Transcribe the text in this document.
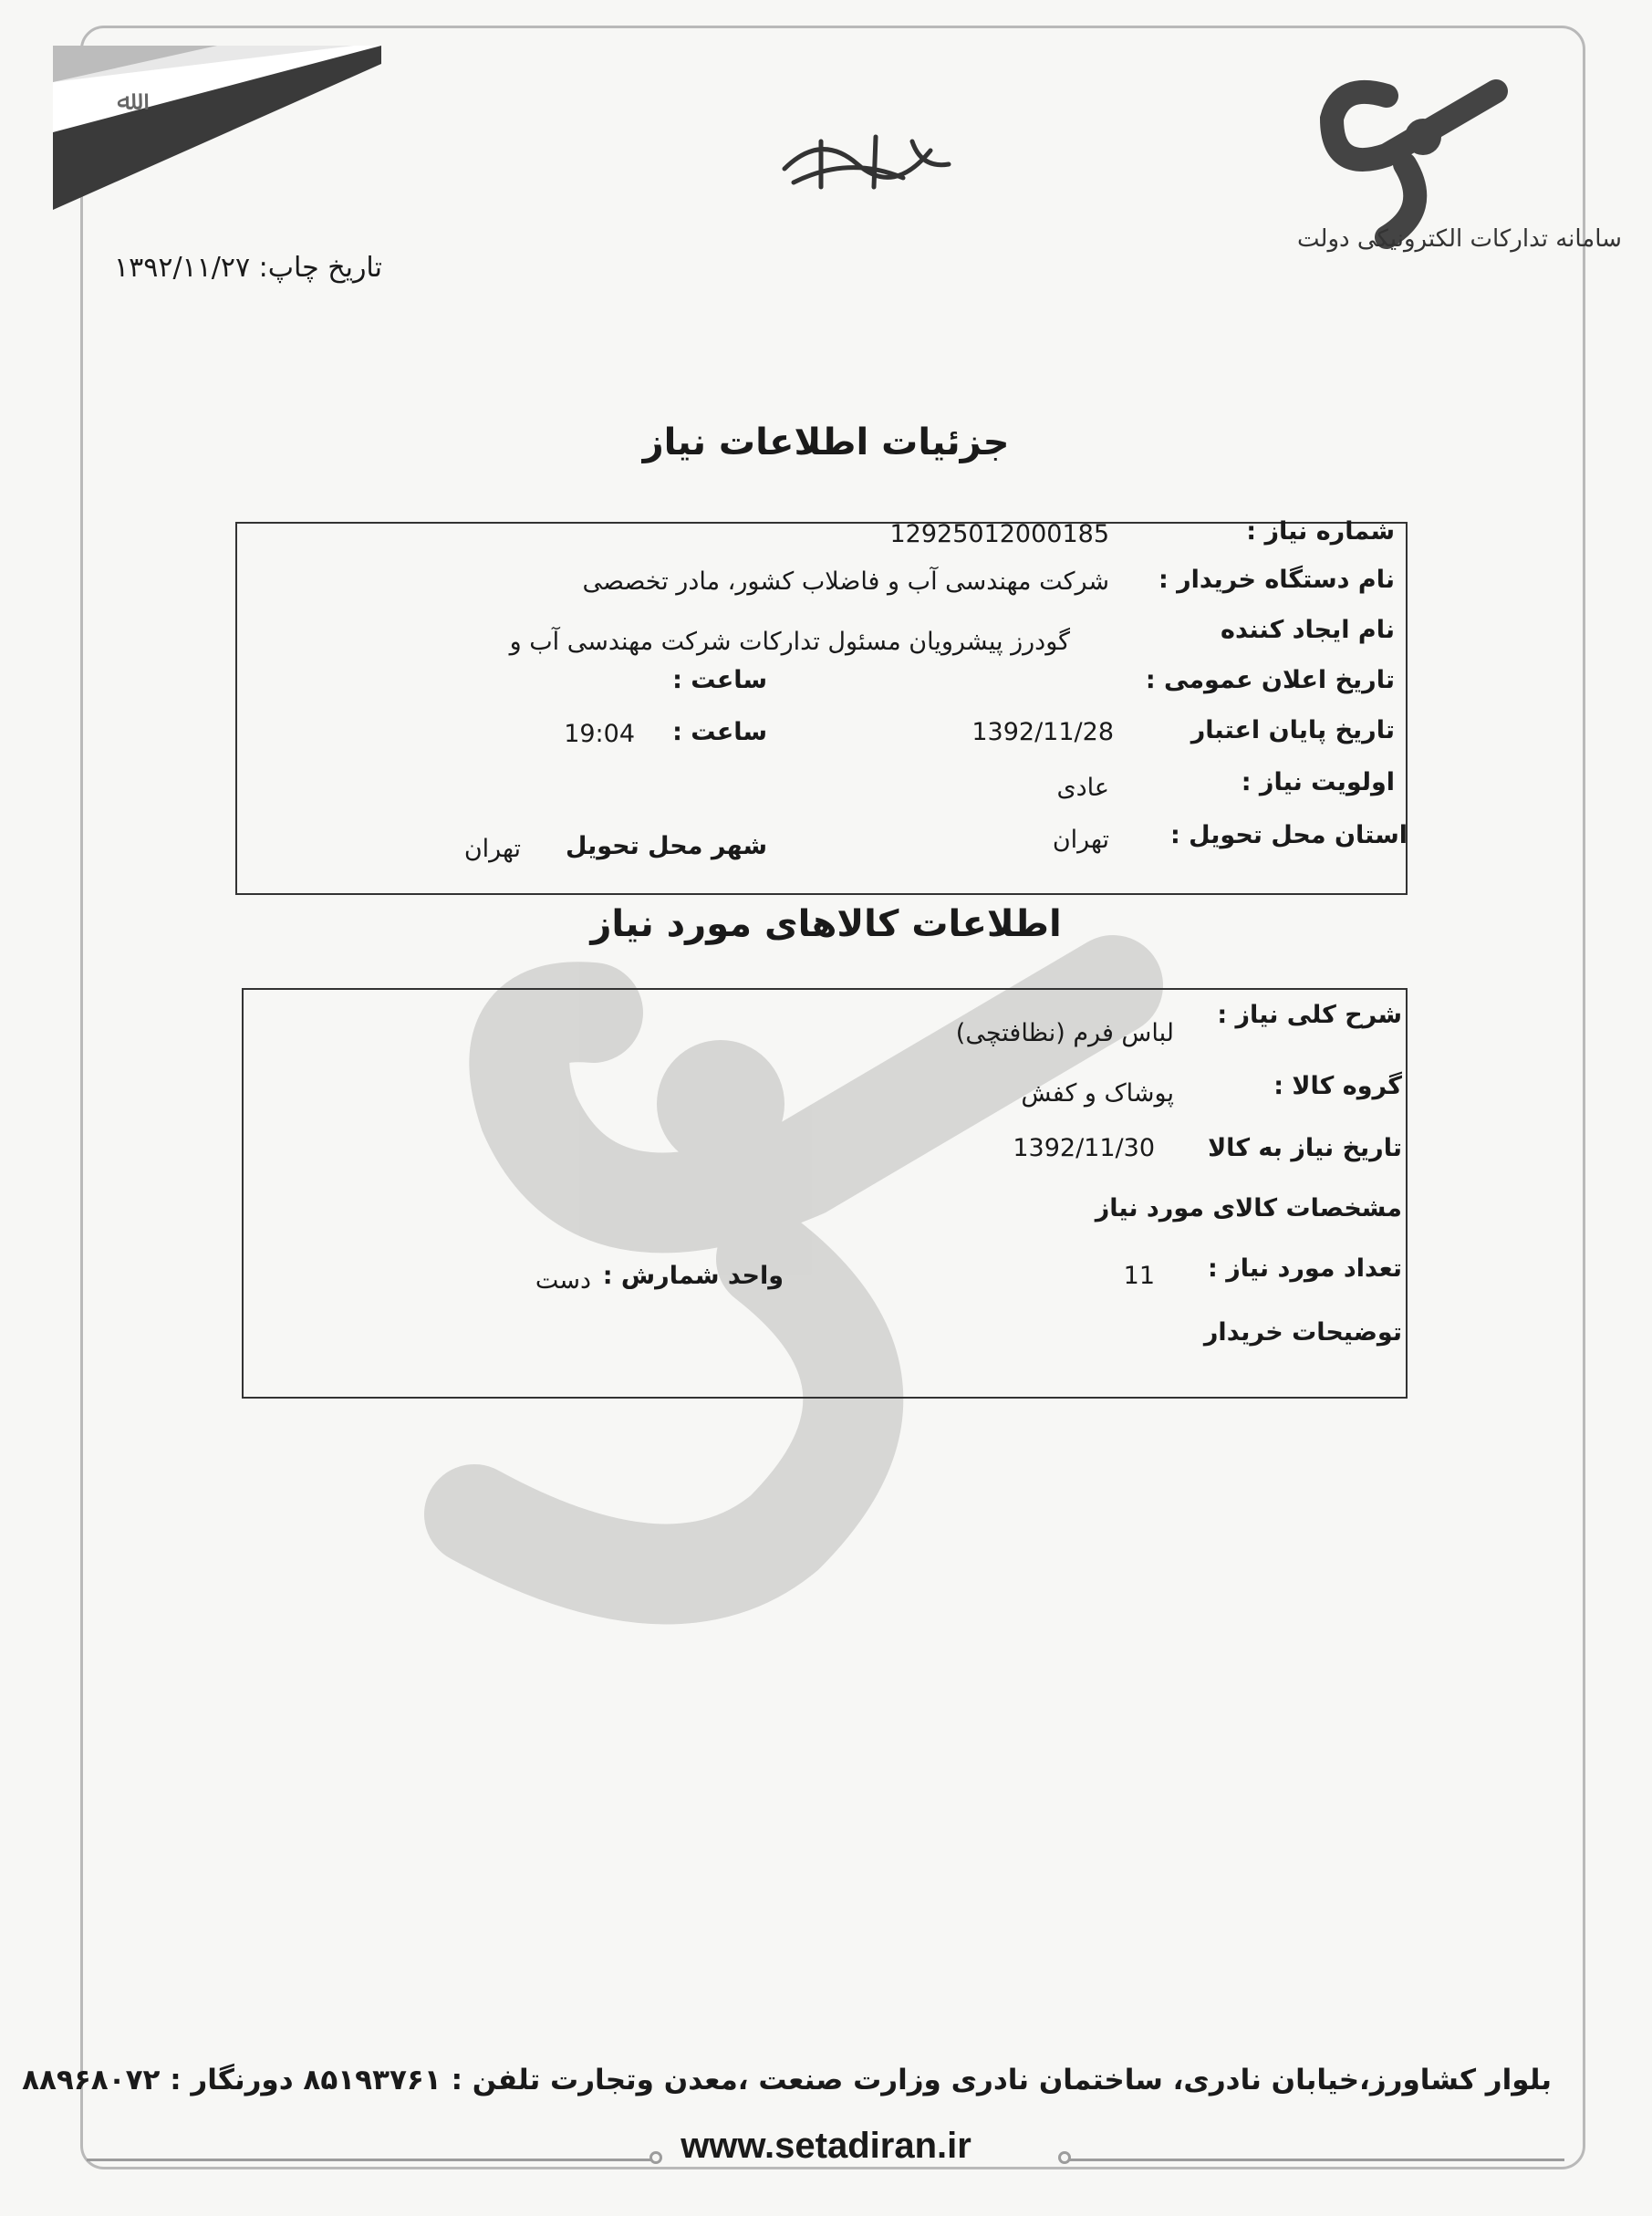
ﷲ
سامانه تدارکات الکترونیکی دولت
تاریخ چاپ: ۱۳۹۲/۱۱/۲۷
جزئیات اطلاعات نیاز
شماره نیاز :
12925012000185
نام دستگاه خریدار :
شرکت مهندسی آب و فاضلاب کشور، مادر تخصصی
نام ایجاد کننده
گودرز پیشرویان مسئول تدارکات شرکت مهندسی آب و
تاریخ اعلان عمومی :
ساعت :
تاریخ پایان اعتبار
1392/11/28
ساعت :
19:04
اولویت نیاز :
عادی
استان محل تحویل :
تهران
شهر محل تحویل
تهران
اطلاعات کالاهای مورد نیاز
شرح کلی نیاز :
لباس فرم (نظافتچی)
گروه کالا :
پوشاک و کفش
تاریخ نیاز به کالا
1392/11/30
مشخصات کالای مورد نیاز
تعداد مورد نیاز :
11
واحد شمارش :
دست
توضیحات خریدار
بلوار کشاورز،خیابان نادری، ساختمان نادری وزارت صنعت ،معدن وتجارت تلفن : ۸۵۱۹۳۷۶۱ دورنگار : ۸۸۹۶۸۰۷۲
www.setadiran.ir
